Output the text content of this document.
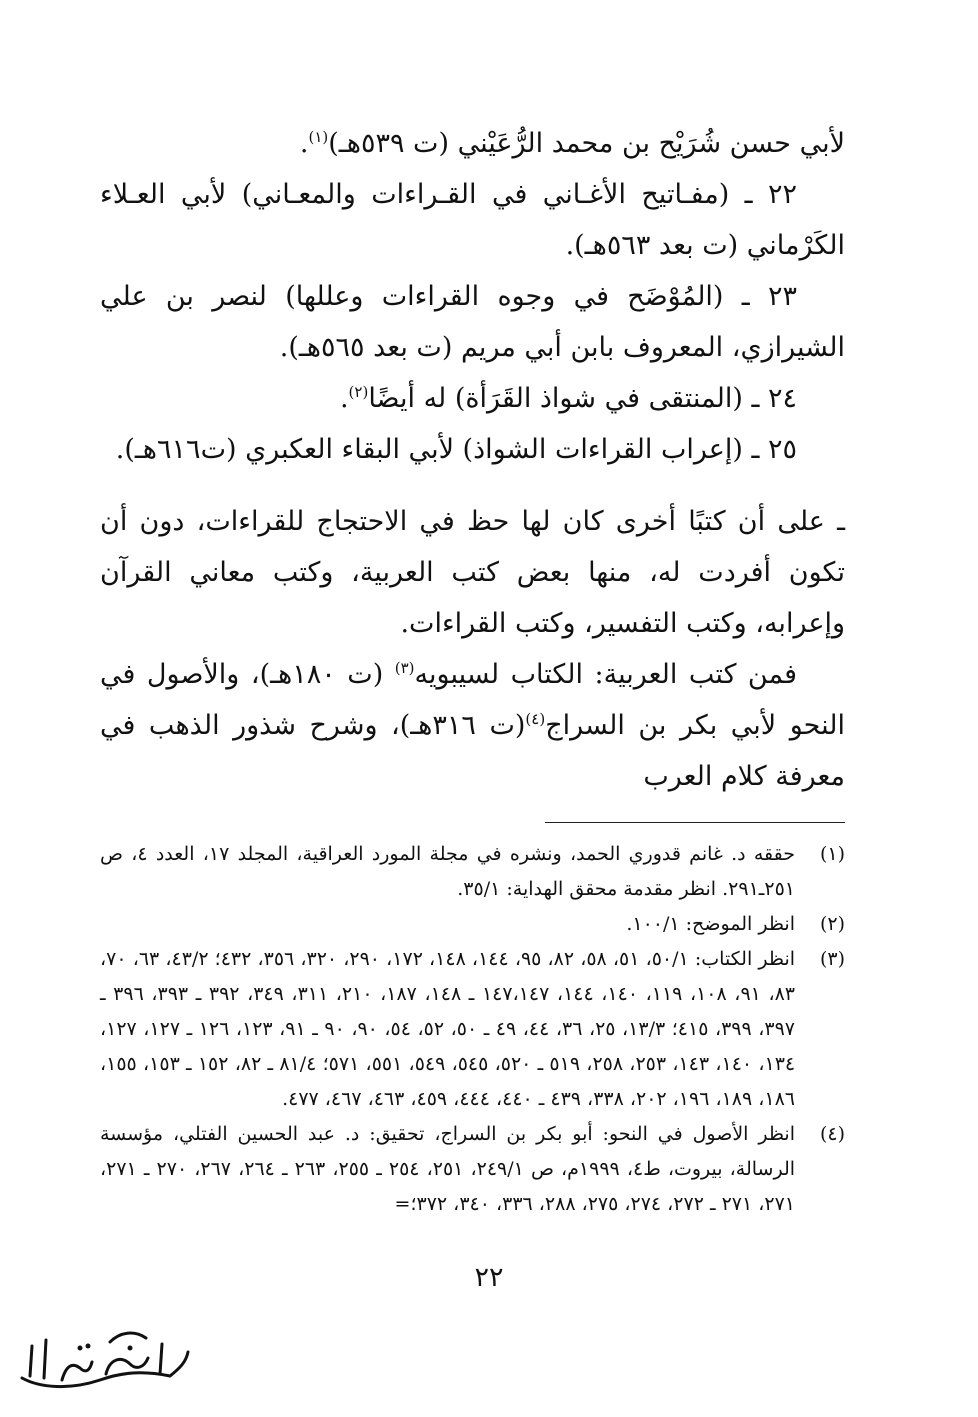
لأبي حسن شُرَيْح بن محمد الرُّعَيْني (ت ٥٣٩هـ)$^{(١)}$.

٢٢ ـ (مفـاتيح الأغـاني في القـراءات والمعـاني) لأبي العـلاء الكَرْماني (ت بعد ٥٦٣هـ).

٢٣ ـ (المُوْضَح في وجوه القراءات وعللها) لنصر بن علي الشيرازي، المعروف بابن أبي مريم (ت بعد ٥٦٥هـ).

٢٤ ـ (المنتقى في شواذ القَرَأة) له أيضًا$^{(٢)}$.

٢٥ ـ (إعراب القراءات الشواذ) لأبي البقاء العكبري (ت٦١٦هـ).

ـ على أن كتبًا أخرى كان لها حظ في الاحتجاج للقراءات، دون أن تكون أفردت له، منها بعض كتب العربية، وكتب معاني القرآن وإعرابه، وكتب التفسير، وكتب القراءات.

فمن كتب العربية: الكتاب لسيبويه$^{(٣)}$ (ت ١٨٠هـ)، والأصول في النحو لأبي بكر بن السراج$^{(٤)}$(ت ٣١٦هـ)، وشرح شذور الذهب في معرفة كلام العرب

(١)
حققه د. غانم قدوري الحمد، ونشره في مجلة المورد العراقية، المجلد ١٧، العدد ٤، ص ٢٥١ـ٢٩١. انظر مقدمة محقق الهداية: ٣٥/١.
(٢)
انظر الموضح: ١٠٠/١.
(٣)
انظر الكتاب: ٥٠/١، ٥١، ٥٨، ٨٢، ٩٥، ١٤٤، ١٤٨، ١٧٢، ٢٩٠، ٣٢٠، ٣٥٦، ٤٣٢؛ ٤٣/٢، ٦٣، ٧٠، ٨٣، ٩١، ١٠٨، ١١٩، ١٤٠، ١٤٤، ١٤٧،١٤٧ ـ ١٤٨، ١٨٧، ٢١٠، ٣١١، ٣٤٩، ٣٩٢ ـ ٣٩٣، ٣٩٦ ـ ٣٩٧، ٣٩٩، ٤١٥؛ ١٣/٣، ٢٥، ٣٦، ٤٤، ٤٩ ـ ٥٠، ٥٢، ٥٤، ٩٠، ٩٠ ـ ٩١، ١٢٣، ١٢٦ ـ ١٢٧، ١٢٧، ١٣٤، ١٤٠، ١٤٣، ٢٥٣، ٢٥٨، ٥١٩ ـ ٥٢٠، ٥٤٥، ٥٤٩، ٥٥١، ٥٧١؛ ٨١/٤ ـ ٨٢، ١٥٢ ـ ١٥٣، ١٥٥، ١٨٦، ١٨٩، ١٩٦، ٢٠٢، ٣٣٨، ٤٣٩ ـ ٤٤٠، ٤٤٤، ٤٥٩، ٤٦٣، ٤٦٧، ٤٧٧.
(٤)
انظر الأصول في النحو: أبو بكر بن السراج، تحقيق: د. عبد الحسين الفتلي، مؤسسة الرسالة، بيروت، ط٤، ١٩٩٩م، ص ٢٤٩/١، ٢٥١، ٢٥٤ ـ ٢٥٥، ٢٦٣ ـ ٢٦٤، ٢٦٧، ٢٧٠ ـ ٢٧١، ٢٧١، ٢٧١ ـ ٢٧٢، ٢٧٤، ٢٧٥، ٢٨٨، ٣٣٦، ٣٤٠، ٣٧٢؛=
٢٢
